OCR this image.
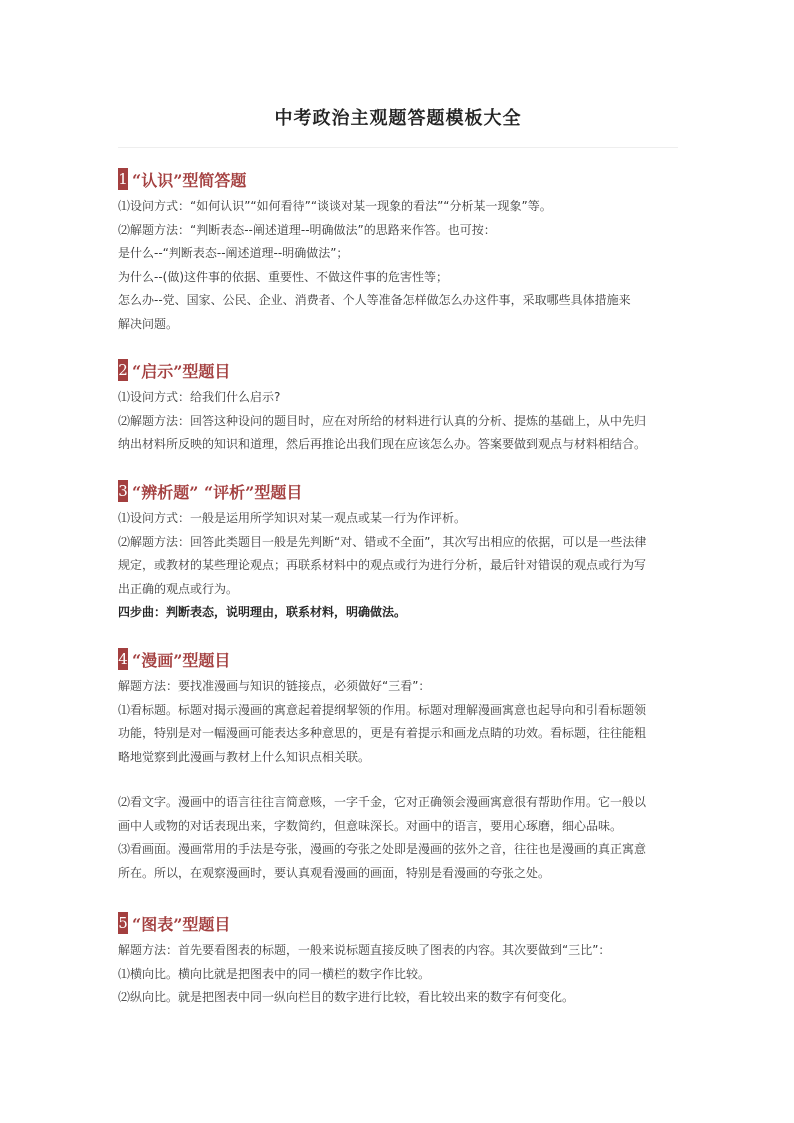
中考政治主观题答题模板大全
1 “认识”型简答题
⑴设问方式：“如何认识”“如何看待”“谈谈对某一现象的看法”“分析某一现象”等。
⑵解题方法：“判断表态--阐述道理--明确做法”的思路来作答。也可按：
是什么--“判断表态--阐述道理--明确做法”；
为什么--(做)这件事的依据、重要性、不做这件事的危害性等；
怎么办--党、国家、公民、企业、消费者、个人等准备怎样做怎么办这件事，采取哪些具体措施来
解决问题。
2 “启示”型题目
⑴设问方式：给我们什么启示?
⑵解题方法：回答这种设问的题目时，应在对所给的材料进行认真的分析、提炼的基础上，从中先归
纳出材料所反映的知识和道理，然后再推论出我们现在应该怎么办。答案要做到观点与材料相结合。
3 “辨析题” “评析”型题目
⑴设问方式：一般是运用所学知识对某一观点或某一行为作评析。
⑵解题方法：回答此类题目一般是先判断“对、错或不全面”，其次写出相应的依据，可以是一些法律
规定，或教材的某些理论观点；再联系材料中的观点或行为进行分析，最后针对错误的观点或行为写
出正确的观点或行为。
四步曲：判断表态，说明理由，联系材料，明确做法。
4 “漫画”型题目
解题方法：要找准漫画与知识的链接点，必须做好“三看”：
⑴看标题。标题对揭示漫画的寓意起着提纲挈领的作用。标题对理解漫画寓意也起导向和引看标题领
功能，特别是对一幅漫画可能表达多种意思的，更是有着提示和画龙点睛的功效。看标题，往往能粗
略地觉察到此漫画与教材上什么知识点相关联。
⑵看文字。漫画中的语言往往言简意赅，一字千金，它对正确领会漫画寓意很有帮助作用。它一般以
画中人或物的对话表现出来，字数简约，但意味深长。对画中的语言，要用心琢磨，细心品味。
⑶看画面。漫画常用的手法是夸张，漫画的夸张之处即是漫画的弦外之音，往往也是漫画的真正寓意
所在。所以，在观察漫画时，要认真观看漫画的画面，特别是看漫画的夸张之处。
5 “图表”型题目
解题方法：首先要看图表的标题，一般来说标题直接反映了图表的内容。其次要做到“三比”：
⑴横向比。横向比就是把图表中的同一横栏的数字作比较。
⑵纵向比。就是把图表中同一纵向栏目的数字进行比较，看比较出来的数字有何变化。
